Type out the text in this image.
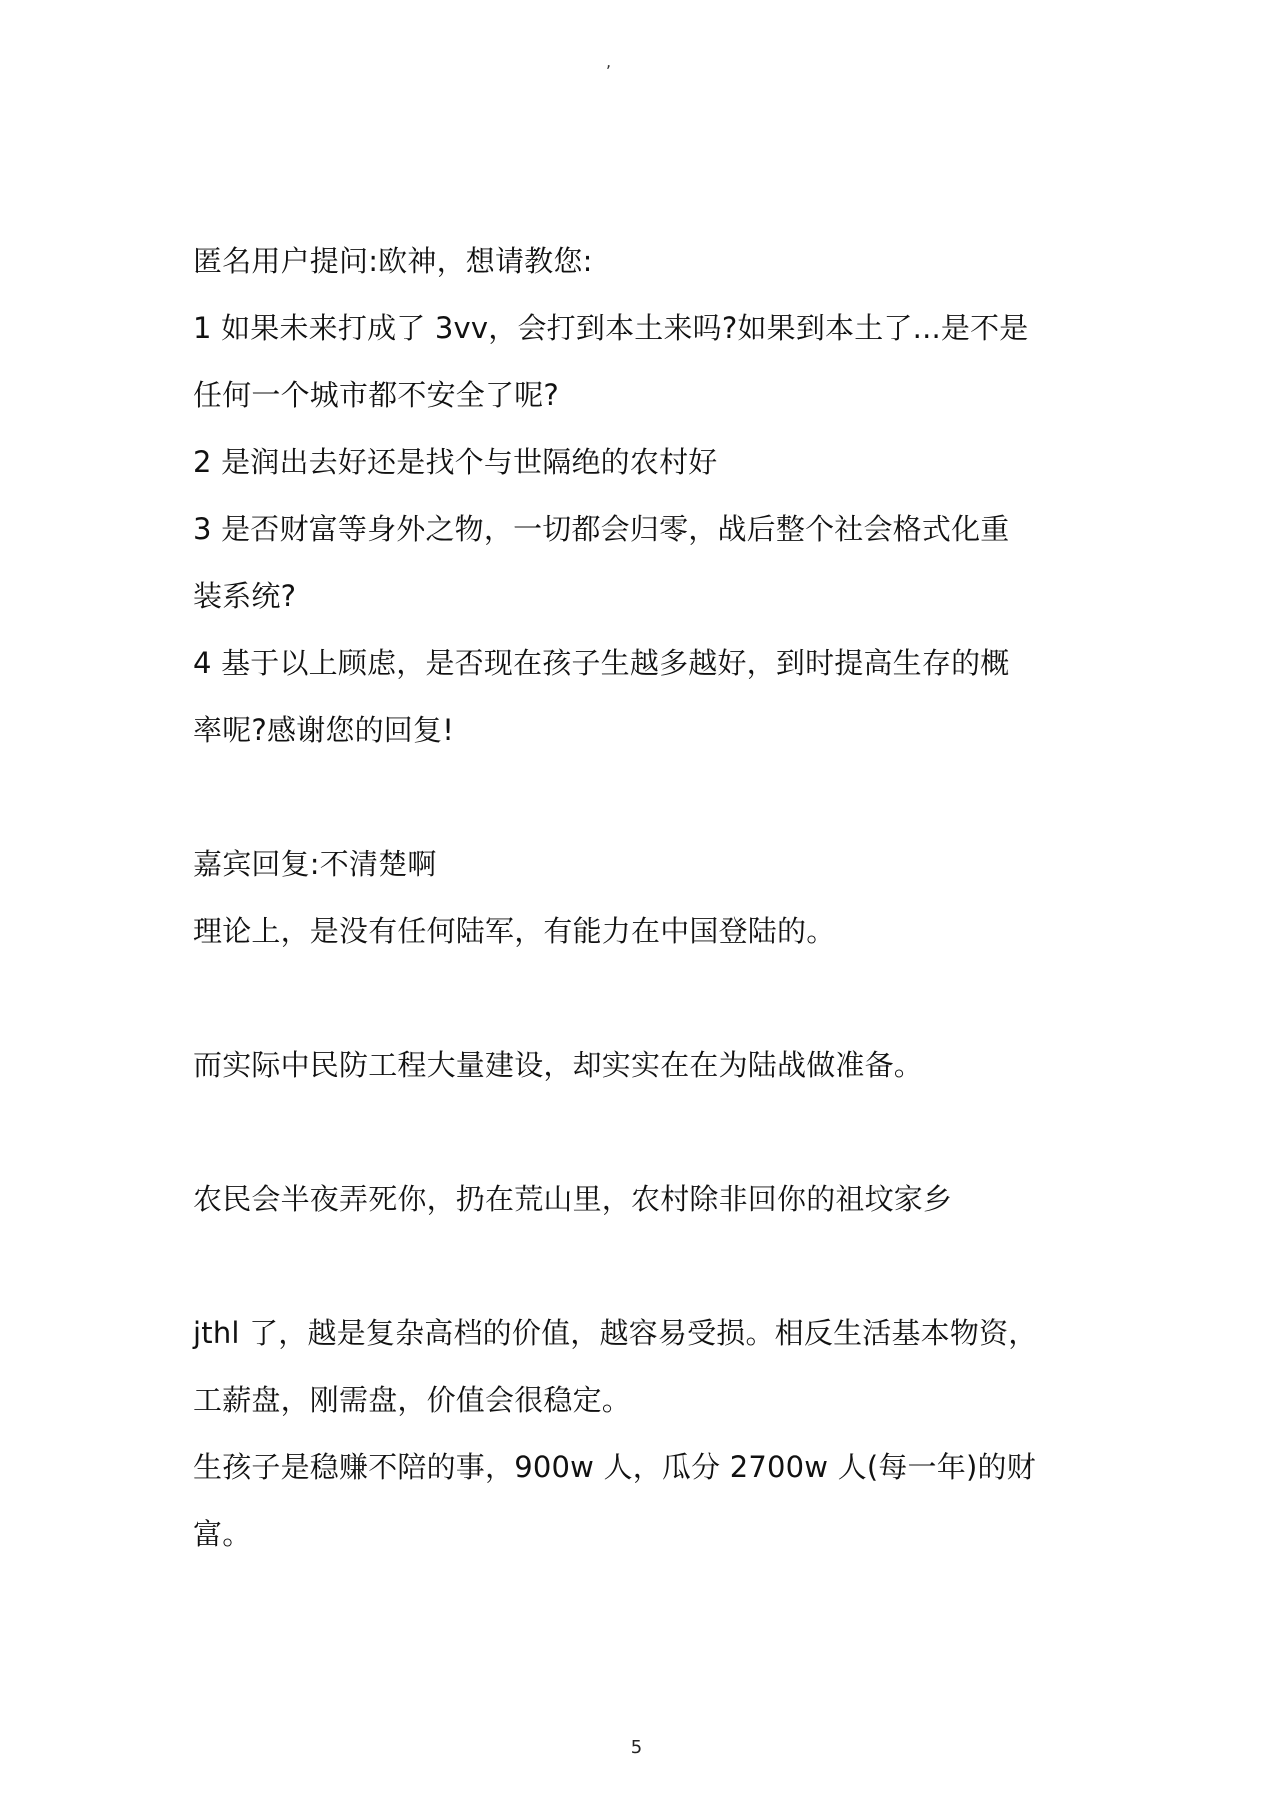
,
匿名用户提问:欧神，想请教您:
1 如果未来打成了 3vv，会打到本土来吗?如果到本土了...是不是
任何一个城市都不安全了呢?
2 是润出去好还是找个与世隔绝的农村好
3 是否财富等身外之物，一切都会归零，战后整个社会格式化重
装系统?
4 基于以上顾虑，是否现在孩子生越多越好，到时提高生存的概
率呢?感谢您的回复!
嘉宾回复:不清楚啊
理论上，是没有任何陆军，有能力在中国登陆的。
而实际中民防工程大量建设，却实实在在为陆战做准备。
农民会半夜弄死你，扔在荒山里，农村除非回你的祖坟家乡
jthl 了，越是复杂高档的价值，越容易受损。相反生活基本物资，
工薪盘，刚需盘，价值会很稳定。
生孩子是稳赚不陪的事，900w 人，瓜分 2700w 人(每一年)的财
富。
5
